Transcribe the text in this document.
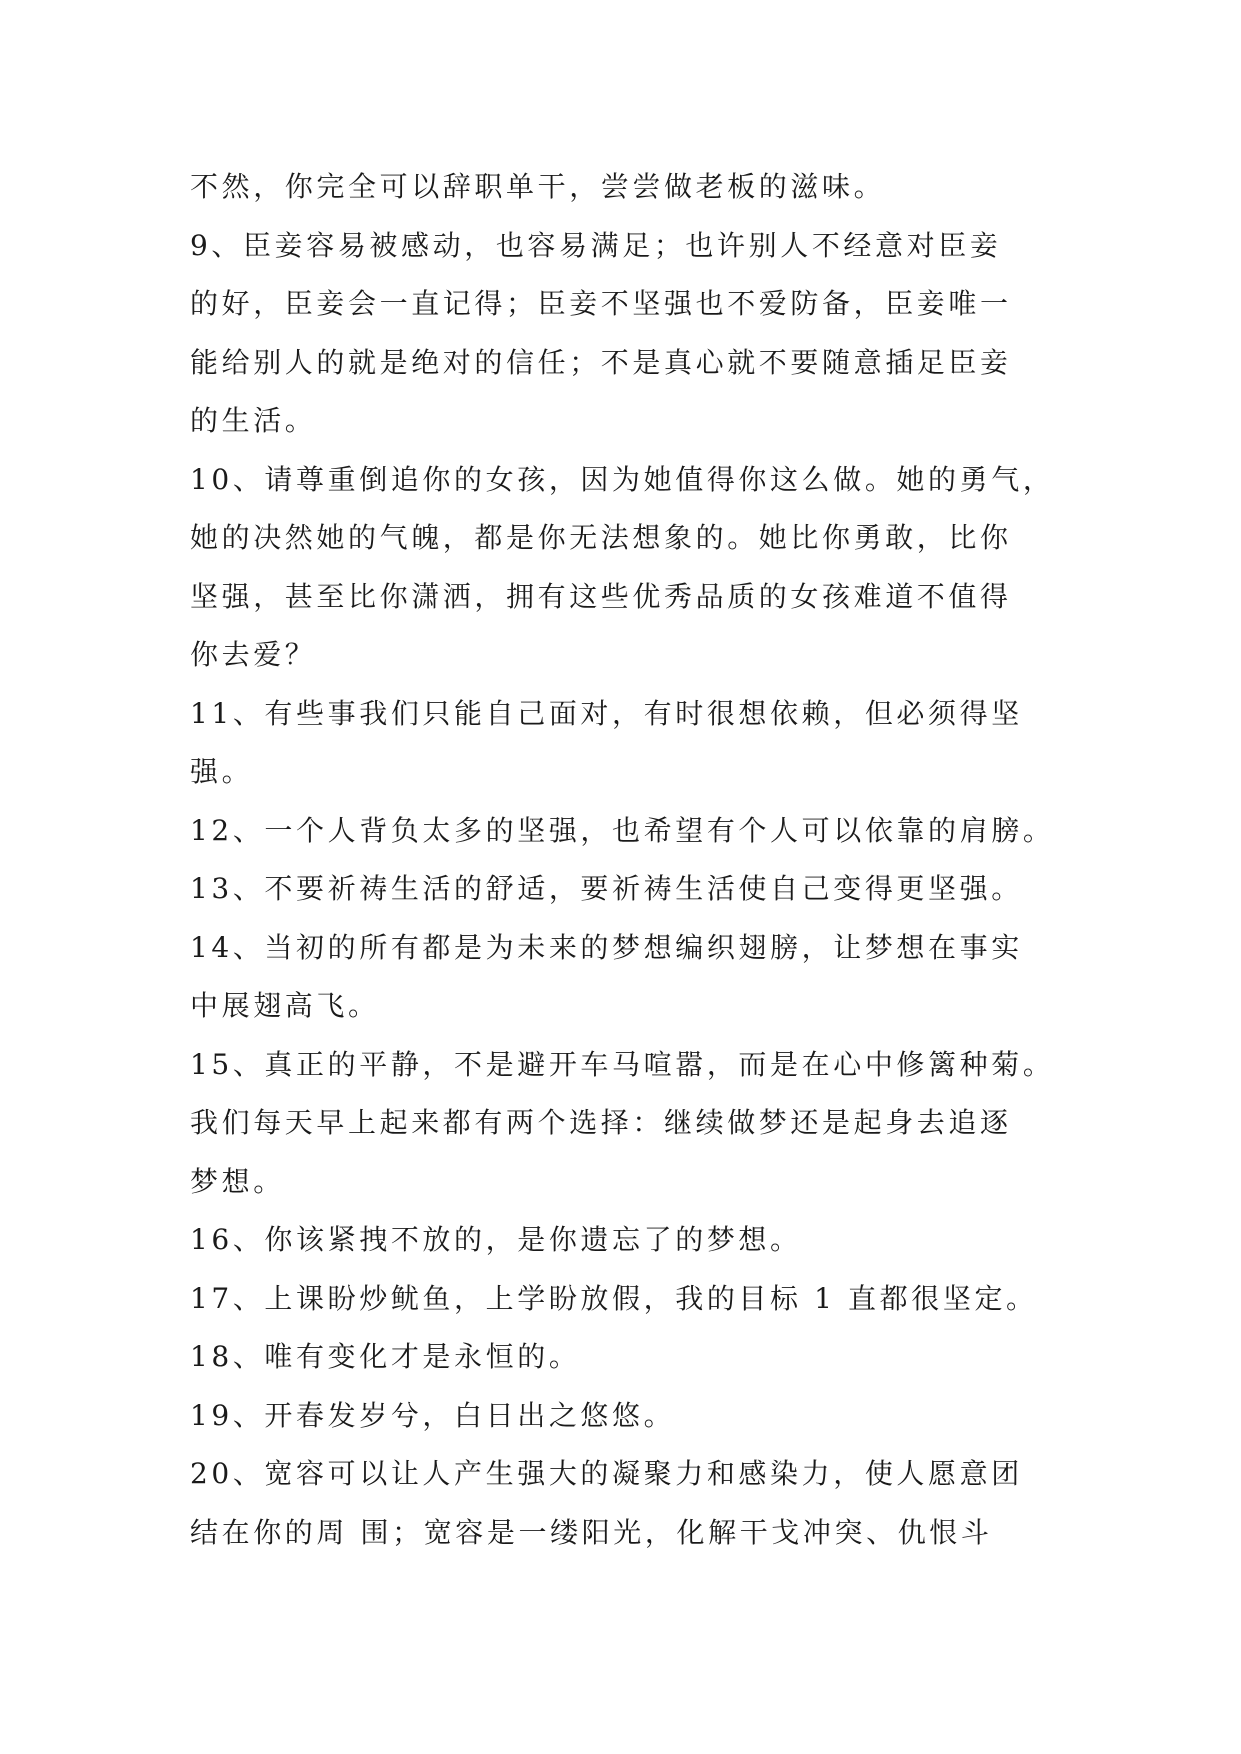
不然，你完全可以辞职单干，尝尝做老板的滋味。
9、臣妾容易被感动，也容易满足；也许别人不经意对臣妾
的好，臣妾会一直记得；臣妾不坚强也不爱防备，臣妾唯一
能给别人的就是绝对的信任；不是真心就不要随意插足臣妾
的生活。
10、请尊重倒追你的女孩，因为她值得你这么做。她的勇气，
她的决然她的气魄，都是你无法想象的。她比你勇敢，比你
坚强，甚至比你潇洒，拥有这些优秀品质的女孩难道不值得
你去爱？
11、有些事我们只能自己面对，有时很想依赖，但必须得坚
强。
12、一个人背负太多的坚强，也希望有个人可以依靠的肩膀。
13、不要祈祷生活的舒适，要祈祷生活使自己变得更坚强。
14、当初的所有都是为未来的梦想编织翅膀，让梦想在事实
中展翅高飞。
15、真正的平静，不是避开车马喧嚣，而是在心中修篱种菊。
我们每天早上起来都有两个选择：继续做梦还是起身去追逐
梦想。
16、你该紧拽不放的，是你遗忘了的梦想。
17、上课盼炒鱿鱼，上学盼放假，我的目标 1 直都很坚定。
18、唯有变化才是永恒的。
19、开春发岁兮，白日出之悠悠。
20、宽容可以让人产生强大的凝聚力和感染力，使人愿意团
结在你的周 围；宽容是一缕阳光，化解干戈冲突、仇恨斗
